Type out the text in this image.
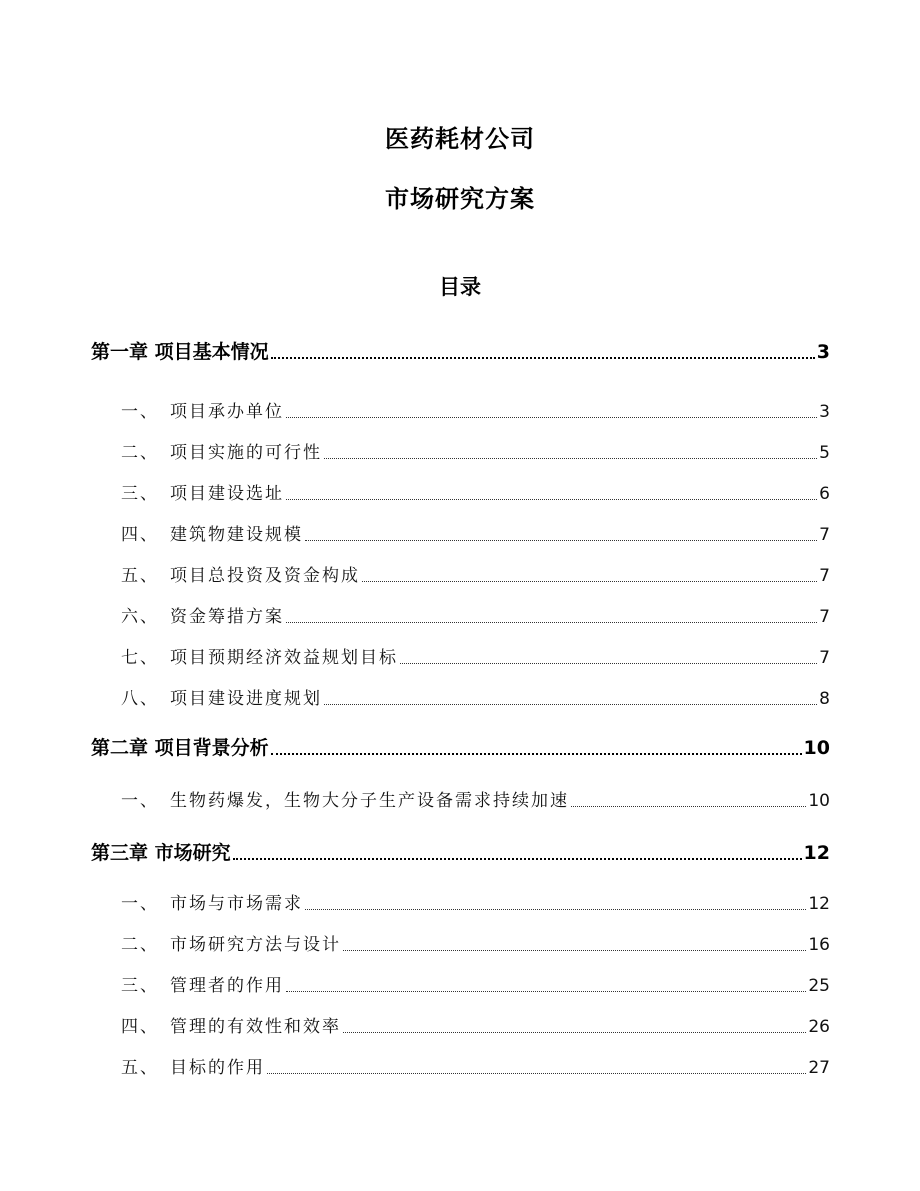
医药耗材公司
市场研究方案
目录
第一章 项目基本情况	3
一、 项目承办单位	3
二、 项目实施的可行性	5
三、 项目建设选址	6
四、 建筑物建设规模	7
五、 项目总投资及资金构成	7
六、 资金筹措方案	7
七、 项目预期经济效益规划目标	7
八、 项目建设进度规划	8
第二章 项目背景分析	10
一、 生物药爆发，生物大分子生产设备需求持续加速	10
第三章 市场研究	12
一、 市场与市场需求	12
二、 市场研究方法与设计	16
三、 管理者的作用	25
四、 管理的有效性和效率	26
五、 目标的作用	27
